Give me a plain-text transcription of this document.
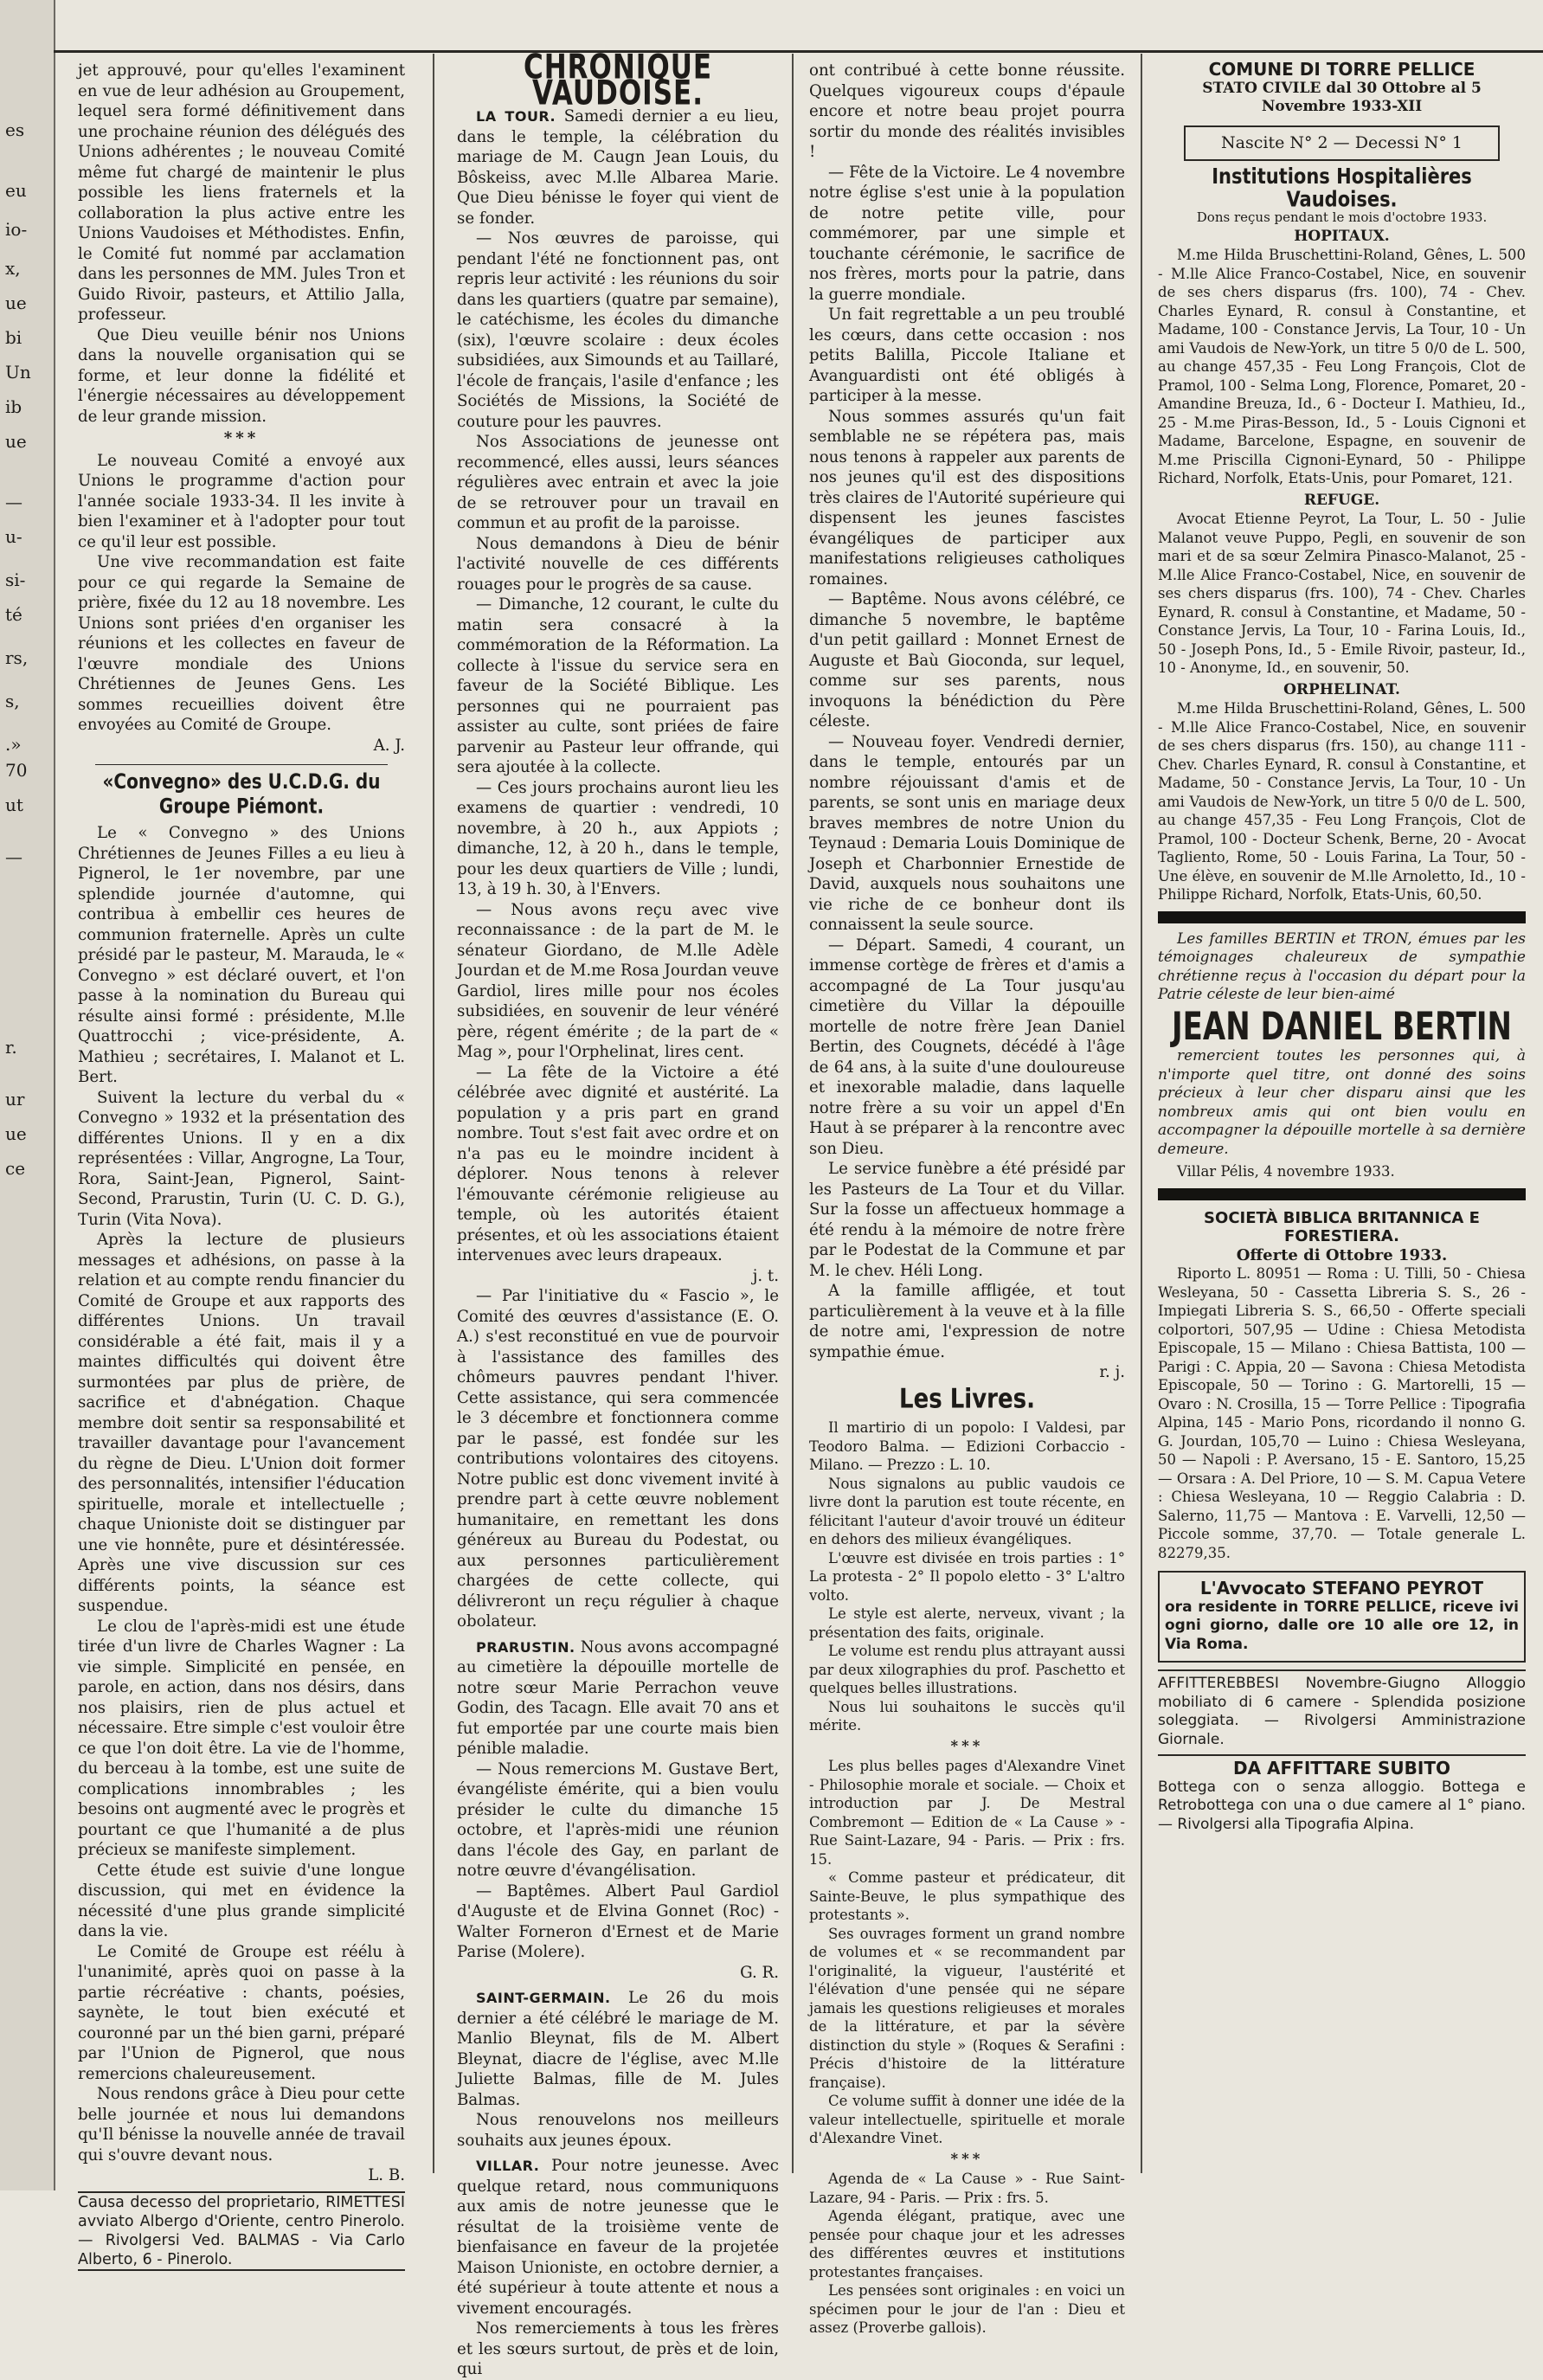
es
eu
io-
x,
ue
bi
Un
ib
ue
—
u-
si-
té
rs,
s,
.»
70
ut
—
r.
ur
ue
ce

jet approuvé, pour qu'elles l'examinent en vue de leur adhésion au Groupement, lequel sera formé définitivement dans une prochaine réunion des délégués des Unions adhérentes ; le nouveau Comité même fut chargé de maintenir le plus possible les liens fraternels et la collaboration la plus active entre les Unions Vaudoises et Méthodistes. Enfin, le Comité fut nommé par acclamation dans les personnes de MM. Jules Tron et Guido Rivoir, pasteurs, et Attilio Jalla, professeur.

Que Dieu veuille bénir nos Unions dans la nouvelle organisation qui se forme, et leur donne la fidélité et l'énergie nécessaires au développement de leur grande mission.

***

Le nouveau Comité a envoyé aux Unions le programme d'action pour l'année sociale 1933-34. Il les invite à bien l'examiner et à l'adopter pour tout ce qu'il leur est possible.

Une vive recommandation est faite pour ce qui regarde la Semaine de prière, fixée du 12 au 18 novembre. Les Unions sont priées d'en organiser les réunions et les collectes en faveur de l'œuvre mondiale des Unions Chrétiennes de Jeunes Gens. Les sommes recueillies doivent être envoyées au Comité de Groupe.

A. J.
«Convegno» des U.C.D.G. du Groupe Piémont.

Le « Convegno » des Unions Chrétiennes de Jeunes Filles a eu lieu à Pignerol, le 1er novembre, par une splendide journée d'automne, qui contribua à embellir ces heures de communion fraternelle. Après un culte présidé par le pasteur, M. Marauda, le « Convegno » est déclaré ouvert, et l'on passe à la nomination du Bureau qui résulte ainsi formé : présidente, M.lle Quattrocchi ; vice-présidente, A. Mathieu ; secrétaires, I. Malanot et L. Bert.

Suivent la lecture du verbal du « Convegno » 1932 et la présentation des différentes Unions. Il y en a dix représentées : Villar, Angrogne, La Tour, Rora, Saint-Jean, Pignerol, Saint-Second, Prarustin, Turin (U. C. D. G.), Turin (Vita Nova).

Après la lecture de plusieurs messages et adhésions, on passe à la relation et au compte rendu financier du Comité de Groupe et aux rapports des différentes Unions. Un travail considérable a été fait, mais il y a maintes difficultés qui doivent être surmontées par plus de prière, de sacrifice et d'abnégation. Chaque membre doit sentir sa responsabilité et travailler davantage pour l'avancement du règne de Dieu. L'Union doit former des personnalités, intensifier l'éducation spirituelle, morale et intellectuelle ; chaque Unioniste doit se distinguer par une vie honnête, pure et désintéressée. Après une vive discussion sur ces différents points, la séance est suspendue.

Le clou de l'après-midi est une étude tirée d'un livre de Charles Wagner : La vie simple. Simplicité en pensée, en parole, en action, dans nos désirs, dans nos plaisirs, rien de plus actuel et nécessaire. Etre simple c'est vouloir être ce que l'on doit être. La vie de l'homme, du berceau à la tombe, est une suite de complications innombrables ; les besoins ont augmenté avec le progrès et pourtant ce que l'humanité a de plus précieux se manifeste simplement.

Cette étude est suivie d'une longue discussion, qui met en évidence la nécessité d'une plus grande simplicité dans la vie.

Le Comité de Groupe est réélu à l'unanimité, après quoi on passe à la partie récréative : chants, poésies, saynète, le tout bien exécuté et couronné par un thé bien garni, préparé par l'Union de Pignerol, que nous remercions chaleureusement.

Nous rendons grâce à Dieu pour cette belle journée et nous lui demandons qu'Il bénisse la nouvelle année de travail qui s'ouvre devant nous.

L. B.
Causa decesso del proprietario, RIMETTESI avviato Albergo d'Oriente, centro Pinerolo. — Rivolgersi Ved. BALMAS - Via Carlo Alberto, 6 - Pinerolo.
CHRONIQUE VAUDOISE.

LA TOUR. Samedi dernier a eu lieu, dans le temple, la célébration du mariage de M. Caugn Jean Louis, du Bôskeiss, avec M.lle Albarea Marie. Que Dieu bénisse le foyer qui vient de se fonder.

— Nos œuvres de paroisse, qui pendant l'été ne fonctionnent pas, ont repris leur activité : les réunions du soir dans les quartiers (quatre par semaine), le catéchisme, les écoles du dimanche (six), l'œuvre scolaire : deux écoles subsidiées, aux Simounds et au Taillaré, l'école de français, l'asile d'enfance ; les Sociétés de Missions, la Société de couture pour les pauvres.

Nos Associations de jeunesse ont recommencé, elles aussi, leurs séances régulières avec entrain et avec la joie de se retrouver pour un travail en commun et au profit de la paroisse.

Nous demandons à Dieu de bénir l'activité nouvelle de ces différents rouages pour le progrès de sa cause.

— Dimanche, 12 courant, le culte du matin sera consacré à la commémoration de la Réformation. La collecte à l'issue du service sera en faveur de la Société Biblique. Les personnes qui ne pourraient pas assister au culte, sont priées de faire parvenir au Pasteur leur offrande, qui sera ajoutée à la collecte.

— Ces jours prochains auront lieu les examens de quartier : vendredi, 10 novembre, à 20 h., aux Appiots ; dimanche, 12, à 20 h., dans le temple, pour les deux quartiers de Ville ; lundi, 13, à 19 h. 30, à l'Envers.

— Nous avons reçu avec vive reconnaissance : de la part de M. le sénateur Giordano, de M.lle Adèle Jourdan et de M.me Rosa Jourdan veuve Gardiol, lires mille pour nos écoles subsidiées, en souvenir de leur vénéré père, régent émérite ; de la part de « Mag », pour l'Orphelinat, lires cent.

— La fête de la Victoire a été célébrée avec dignité et austérité. La population y a pris part en grand nombre. Tout s'est fait avec ordre et on n'a pas eu le moindre incident à déplorer. Nous tenons à relever l'émouvante cérémonie religieuse au temple, où les autorités étaient présentes, et où les associations étaient intervenues avec leurs drapeaux.

j. t.

— Par l'initiative du « Fascio », le Comité des œuvres d'assistance (E. O. A.) s'est reconstitué en vue de pourvoir à l'assistance des familles des chômeurs pauvres pendant l'hiver. Cette assistance, qui sera commencée le 3 décembre et fonctionnera comme par le passé, est fondée sur les contributions volontaires des citoyens. Notre public est donc vivement invité à prendre part à cette œuvre noblement humanitaire, en remettant les dons généreux au Bureau du Podestat, ou aux personnes particulièrement chargées de cette collecte, qui délivreront un reçu régulier à chaque obolateur.

PRARUSTIN. Nous avons accompagné au cimetière la dépouille mortelle de notre sœur Marie Perrachon veuve Godin, des Tacagn. Elle avait 70 ans et fut emportée par une courte mais bien pénible maladie.

— Nous remercions M. Gustave Bert, évangéliste émérite, qui a bien voulu présider le culte du dimanche 15 octobre, et l'après-midi une réunion dans l'école des Gay, en parlant de notre œuvre d'évangélisation.

— Baptêmes. Albert Paul Gardiol d'Auguste et de Elvina Gonnet (Roc) - Walter Forneron d'Ernest et de Marie Parise (Molere).

G. R.

SAINT-GERMAIN. Le 26 du mois dernier a été célébré le mariage de M. Manlio Bleynat, fils de M. Albert Bleynat, diacre de l'église, avec M.lle Juliette Balmas, fille de M. Jules Balmas.

Nous renouvelons nos meilleurs souhaits aux jeunes époux.

VILLAR. Pour notre jeunesse. Avec quelque retard, nous communiquons aux amis de notre jeunesse que le résultat de la troisième vente de bienfaisance en faveur de la projetée Maison Unioniste, en octobre dernier, a été supérieur à toute attente et nous a vivement encouragés.

Nos remerciements à tous les frères et les sœurs surtout, de près et de loin, qui

ont contribué à cette bonne réussite. Quelques vigoureux coups d'épaule encore et notre beau projet pourra sortir du monde des réalités invisibles !

— Fête de la Victoire. Le 4 novembre notre église s'est unie à la population de notre petite ville, pour commémorer, par une simple et touchante cérémonie, le sacrifice de nos frères, morts pour la patrie, dans la guerre mondiale.

Un fait regrettable a un peu troublé les cœurs, dans cette occasion : nos petits Balilla, Piccole Italiane et Avanguardisti ont été obligés à participer à la messe.

Nous sommes assurés qu'un fait semblable ne se répétera pas, mais nous tenons à rappeler aux parents de nos jeunes qu'il est des dispositions très claires de l'Autorité supérieure qui dispensent les jeunes fascistes évangéliques de participer aux manifestations religieuses catholiques romaines.

— Baptême. Nous avons célébré, ce dimanche 5 novembre, le baptême d'un petit gaillard : Monnet Ernest de Auguste et Baù Gioconda, sur lequel, comme sur ses parents, nous invoquons la bénédiction du Père céleste.

— Nouveau foyer. Vendredi dernier, dans le temple, entourés par un nombre réjouissant d'amis et de parents, se sont unis en mariage deux braves membres de notre Union du Teynaud : Demaria Louis Dominique de Joseph et Charbonnier Ernestide de David, auxquels nous souhaitons une vie riche de ce bonheur dont ils connaissent la seule source.

— Départ. Samedi, 4 courant, un immense cortège de frères et d'amis a accompagné de La Tour jusqu'au cimetière du Villar la dépouille mortelle de notre frère Jean Daniel Bertin, des Cougnets, décédé à l'âge de 64 ans, à la suite d'une douloureuse et inexorable maladie, dans laquelle notre frère a su voir un appel d'En Haut à se préparer à la rencontre avec son Dieu.

Le service funèbre a été présidé par les Pasteurs de La Tour et du Villar. Sur la fosse un affectueux hommage a été rendu à la mémoire de notre frère par le Podestat de la Commune et par M. le chev. Héli Long.

A la famille affligée, et tout particulièrement à la veuve et à la fille de notre ami, l'expression de notre sympathie émue.

r. j.
Les Livres.

Il martirio di un popolo: I Valdesi, par Teodoro Balma. — Edizioni Corbaccio - Milano. — Prezzo : L. 10.

Nous signalons au public vaudois ce livre dont la parution est toute récente, en félicitant l'auteur d'avoir trouvé un éditeur en dehors des milieux évangéliques.

L'œuvre est divisée en trois parties : 1° La protesta - 2° Il popolo eletto - 3° L'altro volto.

Le style est alerte, nerveux, vivant ; la présentation des faits, originale.

Le volume est rendu plus attrayant aussi par deux xilographies du prof. Paschetto et quelques belles illustrations.

Nous lui souhaitons le succès qu'il mérite.

***

Les plus belles pages d'Alexandre Vinet - Philosophie morale et sociale. — Choix et introduction par J. De Mestral Combremont — Edition de « La Cause » - Rue Saint-Lazare, 94 - Paris. — Prix : frs. 15.

« Comme pasteur et prédicateur, dit Sainte-Beuve, le plus sympathique des protestants ».

Ses ouvrages forment un grand nombre de volumes et « se recommandent par l'originalité, la vigueur, l'austérité et l'élévation d'une pensée qui ne sépare jamais les questions religieuses et morales de la littérature, et par la sévère distinction du style » (Roques & Serafini : Précis d'histoire de la littérature française).

Ce volume suffit à donner une idée de la valeur intellectuelle, spirituelle et morale d'Alexandre Vinet.

***

Agenda de « La Cause » - Rue Saint-Lazare, 94 - Paris. — Prix : frs. 5.

Agenda élégant, pratique, avec une pensée pour chaque jour et les adresses des différentes œuvres et institutions protestantes françaises.

Les pensées sont originales : en voici un spécimen pour le jour de l'an : Dieu et assez (Proverbe gallois).

COMUNE DI TORRE PELLICE
STATO CIVILE dal 30 Ottobre al 5 Novembre 1933-XII
Nascite N° 2 — Decessi N° 1
Institutions Hospitalières Vaudoises.
Dons reçus pendant le mois d'octobre 1933.
HOPITAUX.

M.me Hilda Bruschettini-Roland, Gênes, L. 500 - M.lle Alice Franco-Costabel, Nice, en souvenir de ses chers disparus (frs. 100), 74 - Chev. Charles Eynard, R. consul à Constantine, et Madame, 100 - Constance Jervis, La Tour, 10 - Un ami Vaudois de New-York, un titre 5 0/0 de L. 500, au change 457,35 - Feu Long François, Clot de Pramol, 100 - Selma Long, Florence, Pomaret, 20 - Amandine Breuza, Id., 6 - Docteur I. Mathieu, Id., 25 - M.me Piras-Besson, Id., 5 - Louis Cignoni et Madame, Barcelone, Espagne, en souvenir de M.me Priscilla Cignoni-Eynard, 50 - Philippe Richard, Norfolk, Etats-Unis, pour Pomaret, 121.

REFUGE.

Avocat Etienne Peyrot, La Tour, L. 50 - Julie Malanot veuve Puppo, Pegli, en souvenir de son mari et de sa sœur Zelmira Pinasco-Malanot, 25 - M.lle Alice Franco-Costabel, Nice, en souvenir de ses chers disparus (frs. 100), 74 - Chev. Charles Eynard, R. consul à Constantine, et Madame, 50 - Constance Jervis, La Tour, 10 - Farina Louis, Id., 50 - Joseph Pons, Id., 5 - Emile Rivoir, pasteur, Id., 10 - Anonyme, Id., en souvenir, 50.

ORPHELINAT.

M.me Hilda Bruschettini-Roland, Gênes, L. 500 - M.lle Alice Franco-Costabel, Nice, en souvenir de ses chers disparus (frs. 150), au change 111 - Chev. Charles Eynard, R. consul à Constantine, et Madame, 50 - Constance Jervis, La Tour, 10 - Un ami Vaudois de New-York, un titre 5 0/0 de L. 500, au change 457,35 - Feu Long François, Clot de Pramol, 100 - Docteur Schenk, Berne, 20 - Avocat Tagliento, Rome, 50 - Louis Farina, La Tour, 50 - Une élève, en souvenir de M.lle Arnoletto, Id., 10 - Philippe Richard, Norfolk, Etats-Unis, 60,50.

Les familles BERTIN et TRON, émues par les témoignages chaleureux de sympathie chrétienne reçus à l'occasion du départ pour la Patrie céleste de leur bien-aimé

JEAN DANIEL BERTIN

remercient toutes les personnes qui, à n'importe quel titre, ont donné des soins précieux à leur cher disparu ainsi que les nombreux amis qui ont bien voulu en accompagner la dépouille mortelle à sa dernière demeure.

Villar Pélis, 4 novembre 1933.

SOCIETÀ BIBLICA BRITANNICA E FORESTIERA.
Offerte di Ottobre 1933.

Riporto L. 80951 — Roma : U. Tilli, 50 - Chiesa Wesleyana, 50 - Cassetta Libreria S. S., 26 - Impiegati Libreria S. S., 66,50 - Offerte speciali colportori, 507,95 — Udine : Chiesa Metodista Episcopale, 15 — Milano : Chiesa Battista, 100 — Parigi : C. Appia, 20 — Savona : Chiesa Metodista Episcopale, 50 — Torino : G. Martorelli, 15 — Ovaro : N. Crosilla, 15 — Torre Pellice : Tipografia Alpina, 145 - Mario Pons, ricordando il nonno G. G. Jourdan, 105,70 — Luino : Chiesa Wesleyana, 50 — Napoli : P. Aversano, 15 - E. Santoro, 15,25 — Orsara : A. Del Priore, 10 — S. M. Capua Vetere : Chiesa Wesleyana, 10 — Reggio Calabria : D. Salerno, 11,75 — Mantova : E. Varvelli, 12,50 — Piccole somme, 37,70. — Totale generale L. 82279,35.

L'Avvocato STEFANO PEYROT
ora residente in TORRE PELLICE, riceve ivi ogni giorno, dalle ore 10 alle ore 12, in Via Roma.
AFFITTEREBBESI Novembre-Giugno Alloggio mobiliato di 6 camere - Splendida posizione soleggiata. — Rivolgersi Amministrazione Giornale.
DA AFFITTARE SUBITO
Bottega con o senza alloggio. Bottega e Retrobottega con una o due camere al 1° piano. — Rivolgersi alla Tipografia Alpina.
